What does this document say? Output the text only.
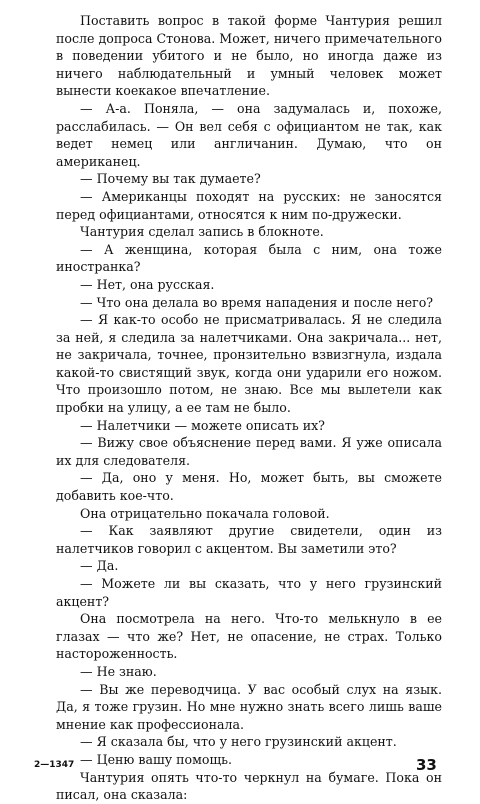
Поставить вопрос в такой форме Чантурия решил после допроса Стонова. Может, ничего примечательного в поведении убитого и не было, но иногда даже из ничего наблюдательный и умный человек может вынести коекакое впечатление.

— А-а. Поняла, — она задумалась и, похоже, расслабилась. — Он вел себя с официантом не так, как ведет немец или англичанин. Думаю, что он американец.

— Почему вы так думаете?

— Американцы походят на русских: не заносятся перед официантами, относятся к ним по-дружески.

Чантурия сделал запись в блокноте.

— А женщина, которая была с ним, она тоже иностранка?

— Нет, она русская.

— Что она делала во время нападения и после него?

— Я как-то особо не присматривалась. Я не следила за ней, я следила за налетчиками. Она закричала... нет, не закричала, точнее, пронзительно взвизгнула, издала какой-то свистящий звук, когда они ударили его ножом. Что произошло потом, не знаю. Все мы вылетели как пробки на улицу, а ее там не было.

— Налетчики — можете описать их?

— Вижу свое объяснение перед вами. Я уже описала их для следователя.

— Да, оно у меня. Но, может быть, вы сможете добавить кое-что.

Она отрицательно покачала головой.

— Как заявляют другие свидетели, один из налетчиков говорил с акцентом. Вы заметили это?

— Да.

— Можете ли вы сказать, что у него грузинский акцент?

Она посмотрела на него. Что-то мелькнуло в ее глазах — что же? Нет, не опасение, не страх. Только настороженность.

— Не знаю.

— Вы же переводчица. У вас особый слух на язык. Да, я тоже грузин. Но мне нужно знать всего лишь ваше мнение как профессионала.

— Я сказала бы, что у него грузинский акцент.

— Ценю вашу помощь.

Чантурия опять что-то черкнул на бумаге. Пока он писал, она сказала:

2—1347	33
